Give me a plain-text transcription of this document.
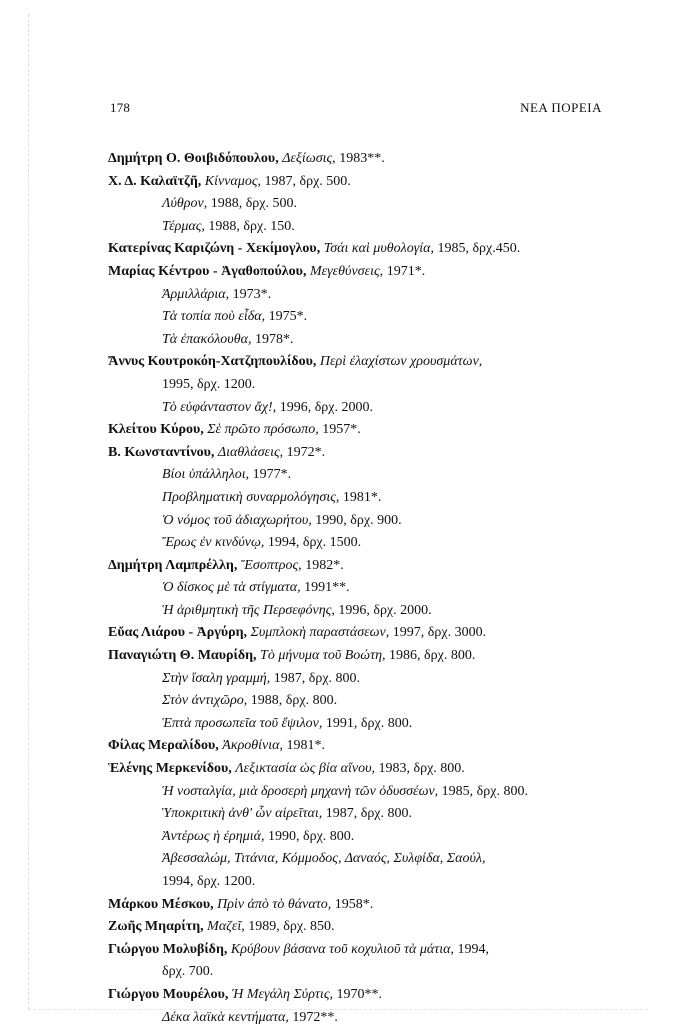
178	ΝΕΑ ΠΟΡΕΙΑ
Δημήτρη Ο. Θοιβιδόπουλου, Δεξίωσις, 1983**.
Χ. Δ. Καλαϊτζῆ, Κίνναμος, 1987, δρχ. 500.
Λύθρον, 1988, δρχ. 500.
Τέρμας, 1988, δρχ. 150.
Κατερίνας Καριζώνη - Χεκίμογλου, Τσάι καὶ μυθολογία, 1985, δρχ.450.
Μαρίας Κέντρου - Ἀγαθοπούλου, Μεγεθύνσεις, 1971*.
Ἀρμιλλάρια, 1973*.
Τὰ τοπία ποὺ εἶδα, 1975*.
Τὰ ἐπακόλουθα, 1978*.
Ἄννυς Κουτροκόη-Χατζηπουλίδου, Περὶ ἐλαχίστων χρουσμάτων,
1995, δρχ. 1200.
Τὸ εὐφάνταστον ἄχ!, 1996, δρχ. 2000.
Κλείτου Κύρου, Σὲ πρῶτο πρόσωπο, 1957*.
Β. Κωνσταντίνου, Διαθλάσεις, 1972*.
Βίοι ὑπάλληλοι, 1977*.
Προβληματικὴ συναρμολόγησις, 1981*.
Ὁ νόμος τοῦ ἀδιαχωρήτου, 1990, δρχ. 900.
Ἔρως ἐν κινδύνῳ, 1994, δρχ. 1500.
Δημήτρη Λαμπρέλλη, Ἔσοπτρος, 1982*.
Ὁ δίσκος μὲ τὰ στίγματα, 1991**.
Ἡ ἀριθμητικὴ τῆς Περσεφόνης, 1996, δρχ. 2000.
Εὔας Λιάρου - Ἀργύρη, Συμπλοκὴ παραστάσεων, 1997, δρχ. 3000.
Παναγιώτη Θ. Μαυρίδη, Τὸ μήνυμα τοῦ Βοώτη, 1986, δρχ. 800.
Στὴν ἴσαλη γραμμή, 1987, δρχ. 800.
Στὸν ἀντιχῶρο, 1988, δρχ. 800.
Ἑπτὰ προσωπεῖα τοῦ ἔψιλον, 1991, δρχ. 800.
Φίλας Μεραλίδου, Ἀκροθίνια, 1981*.
Ἑλένης Μερκενίδου, Λεξικτασία ὡς βία αἴνου, 1983, δρχ. 800.
Ἡ νοσταλγία, μιὰ δροσερὴ μηχανὴ τῶν ὀδυσσέων, 1985, δρχ. 800.
Ὑποκριτικὴ ἀνθ' ὧν αἱρεῖται, 1987, δρχ. 800.
Ἀντέρως ἡ ἐρημιά, 1990, δρχ. 800.
Ἀβεσσαλώμ, Τιτάνια, Κόμμοδος, Δαναός, Συλφίδα, Σαούλ,
1994, δρχ. 1200.
Μάρκου Μέσκου, Πρὶν ἀπὸ τὸ θάνατο, 1958*.
Ζωῆς Μηαρίτη, Μαζεῖ, 1989, δρχ. 850.
Γιώργου Μολυβίδη, Κρύβουν βάσανα τοῦ κοχυλιοῦ τὰ μάτια, 1994,
δρχ. 700.
Γιώργου Μουρέλου, Ἡ Μεγάλη Σύρτις, 1970**.
Δέκα λαϊκὰ κεντήματα, 1972**.
